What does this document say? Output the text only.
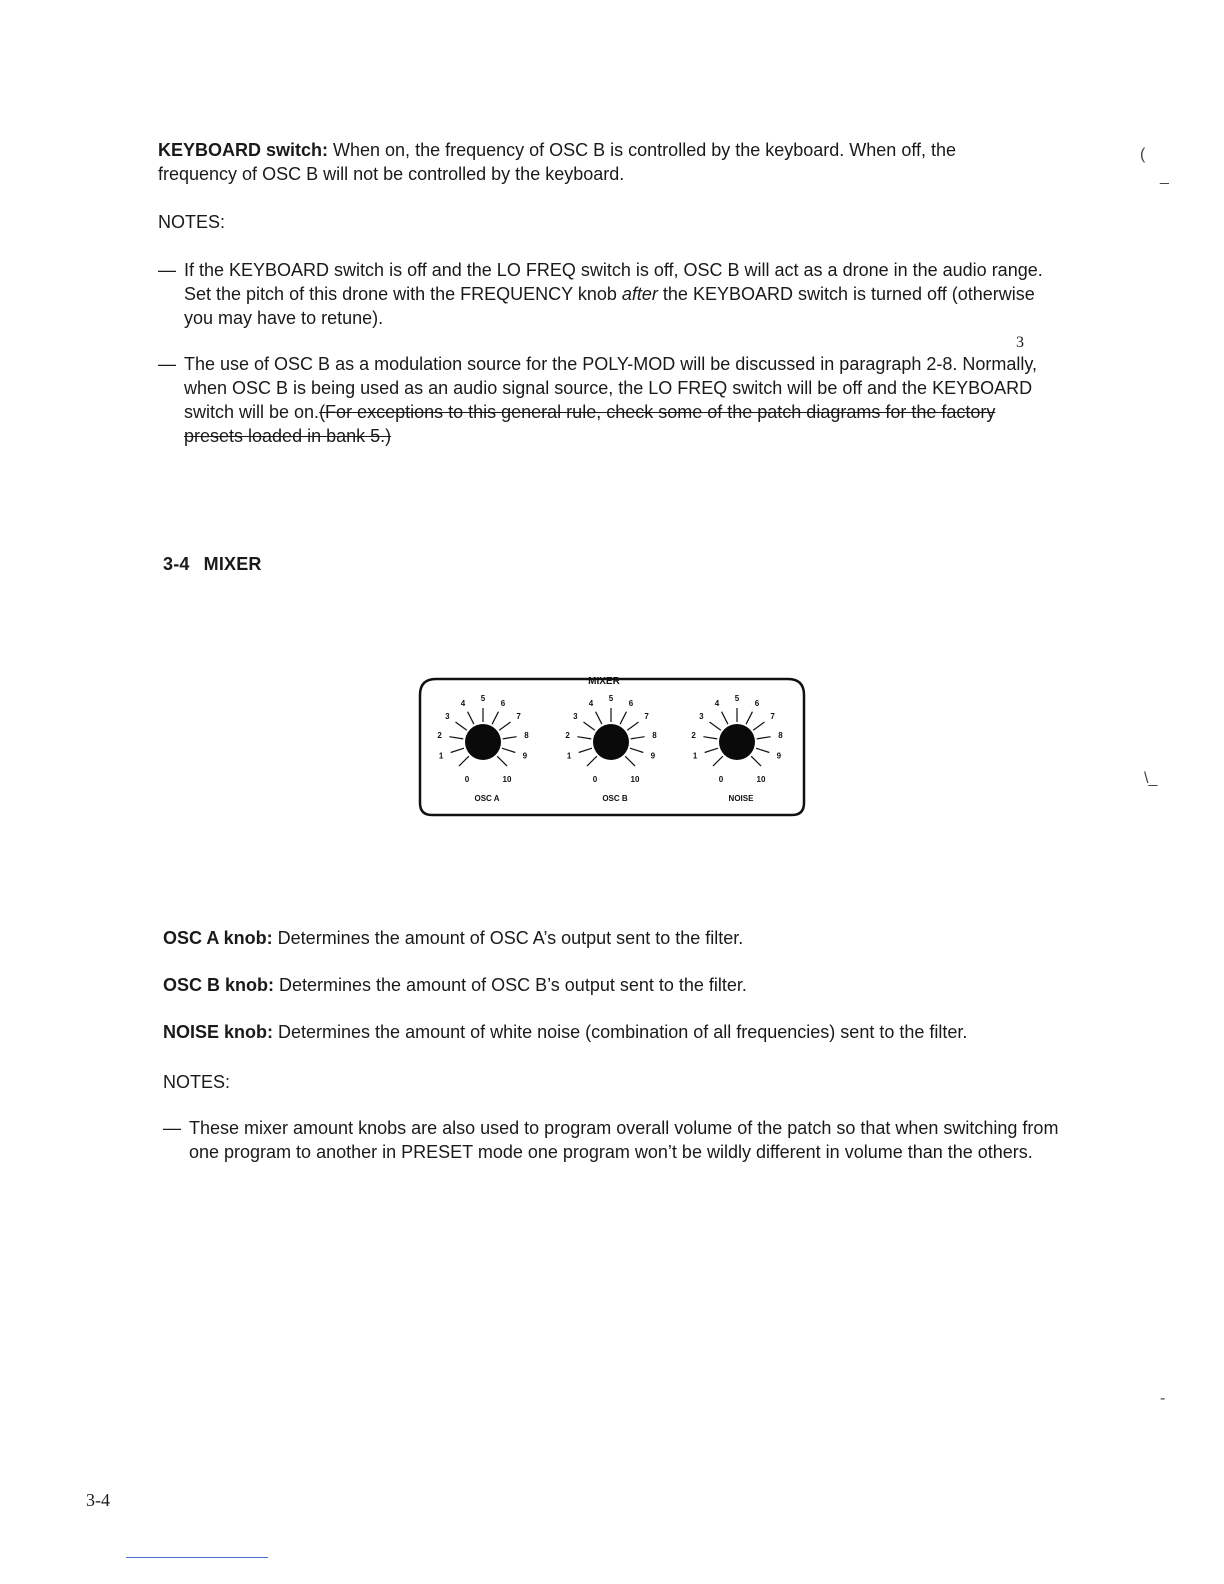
KEYBOARD switch: When on, the frequency of OSC B is controlled by the keyboard. When off, the
frequency of OSC B will not be controlled by the keyboard.

NOTES:
— If the KEYBOARD switch is off and the LO FREQ switch is off, OSC B will act as a drone in the audio range. Set the pitch of this drone with the FREQUENCY knob after the KEYBOARD switch is turned off (otherwise you may have to retune).
— The use of OSC B as a modulation source for the POLY-MOD will be discussed in paragraph 2-8. Normally, when OSC B is being used as an audio signal source, the LO FREQ switch will be off and the KEYBOARD switch will be on.(For exceptions to this general rule, check some of the patch diagrams for the factory presets loaded in bank 5.)
3
3-4 MIXER
MIXER
0
1
2
3
4
5
6
7
8
9
10
OSC A
0
1
2
3
4
5
6
7
8
9
10
OSC B
0
1
2
3
4
5
6
7
8
9
10
NOISE

OSC A knob: Determines the amount of OSC A’s output sent to the filter.

OSC B knob: Determines the amount of OSC B’s output sent to the filter.

NOISE knob: Determines the amount of white noise (combination of all frequencies) sent to the filter.

NOTES:
— These mixer amount knobs are also used to program overall volume of the patch so that when switching from one program to another in PRESET mode one program won’t be wildly different in volume than the others.
(
_
\_
-
3-4
